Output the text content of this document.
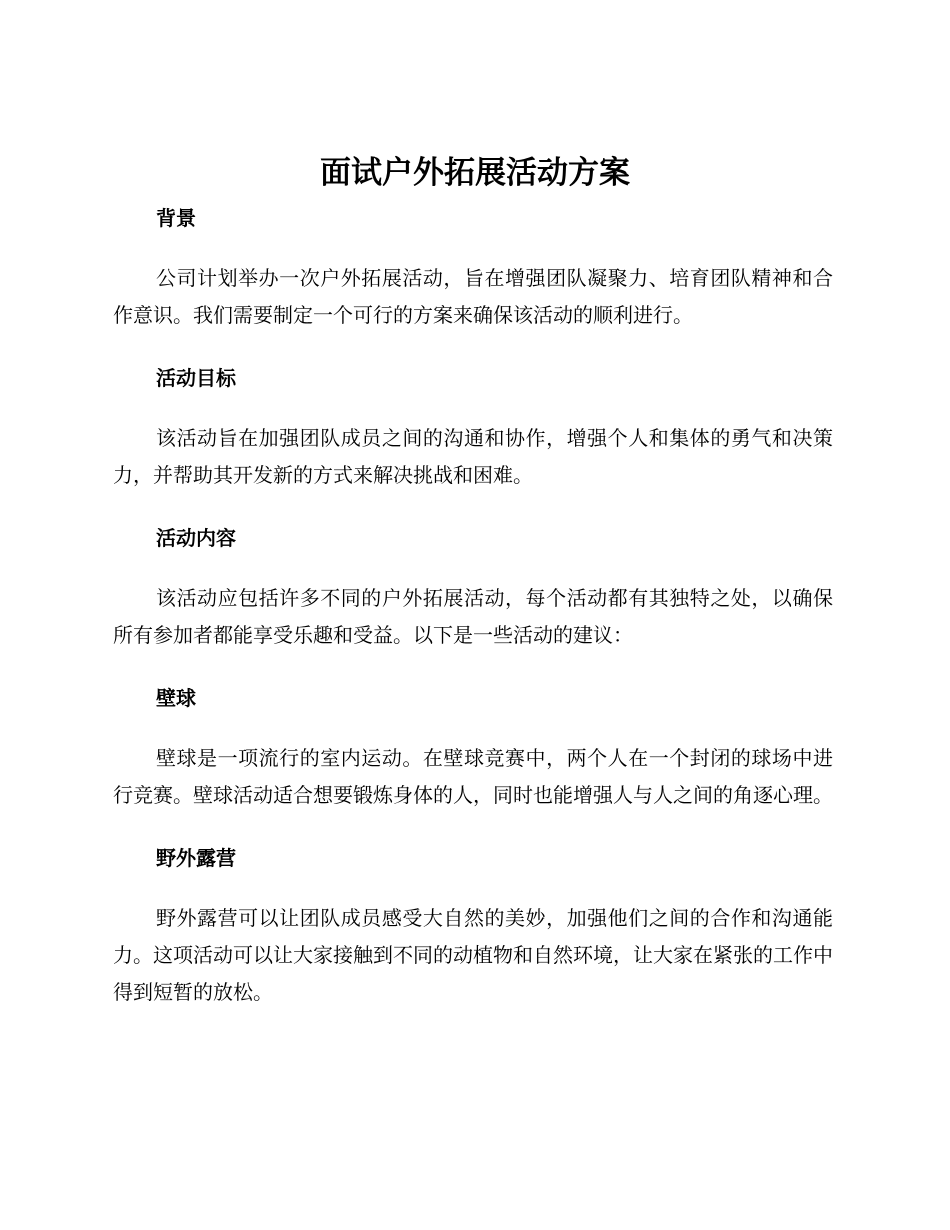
面试户外拓展活动方案
背景

公司计划举办一次户外拓展活动，旨在增强团队凝聚力、培育团队精神和合作意识。我们需要制定一个可行的方案来确保该活动的顺利进行。

活动目标

该活动旨在加强团队成员之间的沟通和协作，增强个人和集体的勇气和决策力，并帮助其开发新的方式来解决挑战和困难。

活动内容

该活动应包括许多不同的户外拓展活动，每个活动都有其独特之处，以确保所有参加者都能享受乐趣和受益。以下是一些活动的建议：

壁球

壁球是一项流行的室内运动。在壁球竞赛中，两个人在一个封闭的球场中进行竞赛。壁球活动适合想要锻炼身体的人，同时也能增强人与人之间的角逐心理。

野外露营

野外露营可以让团队成员感受大自然的美妙，加强他们之间的合作和沟通能力。这项活动可以让大家接触到不同的动植物和自然环境，让大家在紧张的工作中得到短暂的放松。
